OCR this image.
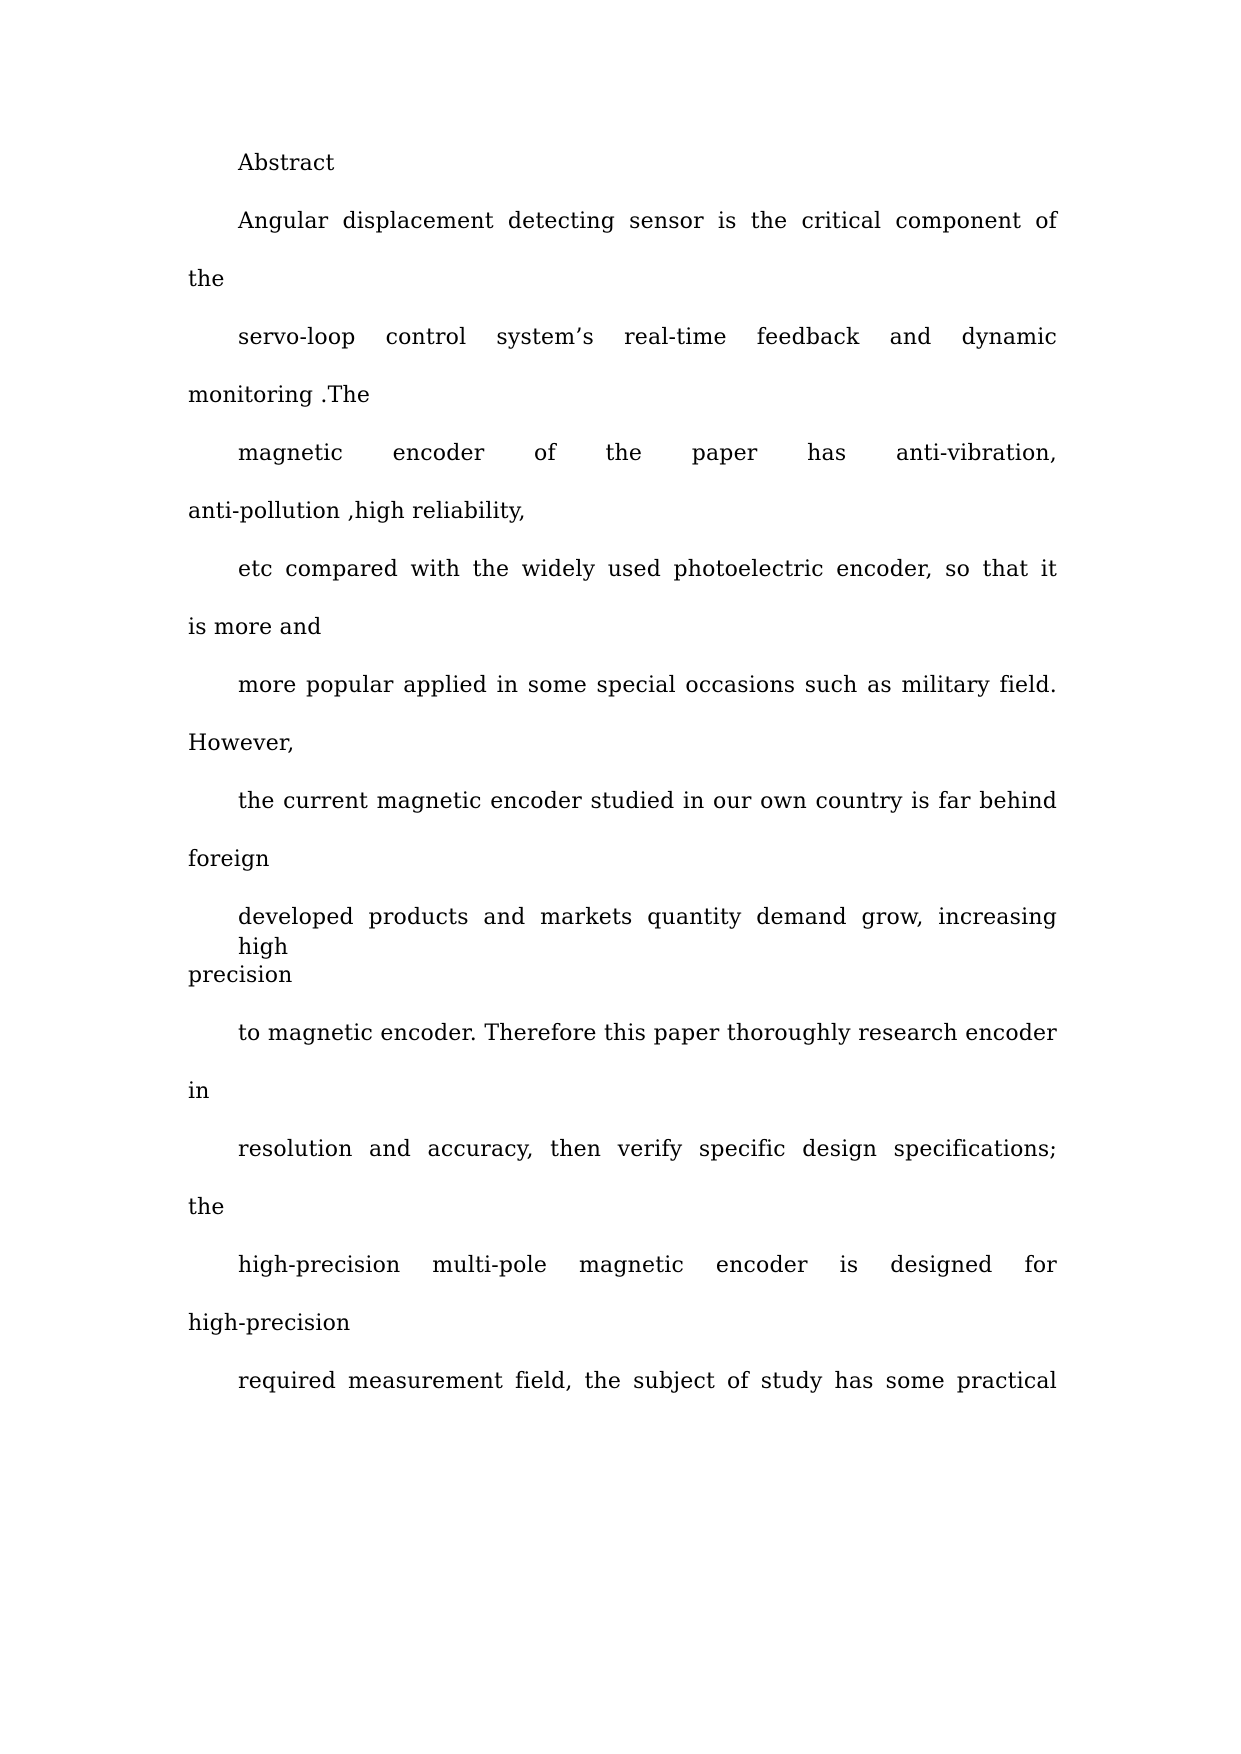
Abstract
Angular displacement detecting sensor is the critical component of
the
servo-loop control system’s real-time feedback and dynamic
monitoring .The
magnetic encoder of the paper has anti-vibration,
anti-pollution ,high reliability,
etc compared with the widely used photoelectric encoder, so that it
is more and
more popular applied in some special occasions such as military field.
However,
the current magnetic encoder studied in our own country is far behind
foreign
developed products and markets quantity demand grow, increasing high
precision
to magnetic encoder. Therefore this paper thoroughly research encoder
in
resolution and accuracy, then verify specific design specifications;
the
high-precision multi-pole magnetic encoder is designed for
high-precision
required measurement field, the subject of study has some practical
